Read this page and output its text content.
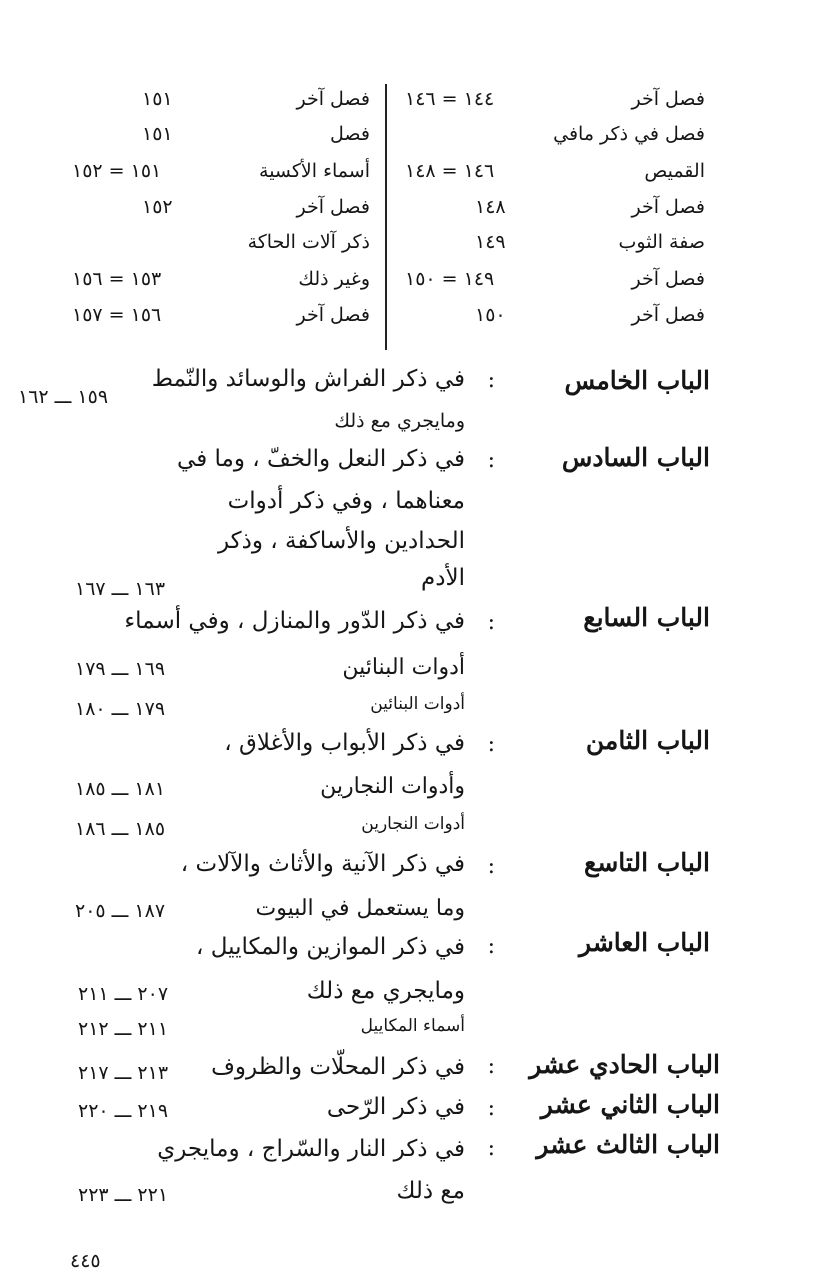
فصل آخر
١٤٤ = ١٤٦
فصل في ذكر مافي
القميص
١٤٦ = ١٤٨
فصل آخر
١٤٨
صفة الثوب
١٤٩
فصل آخر
١٤٩ = ١٥٠
فصل آخر
١٥٠
فصل آخر
١٥١
فصل
١٥١
أسماء الأكسية
١٥١ = ١٥٢
فصل آخر
١٥٢
ذكر آلات الحاكة
وغير ذلك
١٥٣ = ١٥٦
فصل آخر
١٥٦ = ١٥٧
الباب الخامس
:
في ذكر الفراش والوسائد والنّمط
ومايجري مع ذلك
١٥٩ ـــ ١٦٢
الباب السادس
:
في ذكر النعل والخفّ ، وما في
معناهما ، وفي ذكر أدوات
الحدادين والأساكفة ، وذكر
الأدم
١٦٣ ـــ ١٦٧
الباب السابع
:
في ذكر الدّور والمنازل ، وفي أسماء
أدوات البنائين
١٦٩ ـــ ١٧٩
أدوات البنائين
١٧٩ ـــ ١٨٠
الباب الثامن
:
في ذكر الأبواب والأغلاق ،
وأدوات النجارين
١٨١ ـــ ١٨٥
أدوات النجارين
١٨٥ ـــ ١٨٦
الباب التاسع
:
في ذكر الآنية والأثاث والآلات ،
وما يستعمل في البيوت
١٨٧ ـــ ٢٠٥
الباب العاشر
:
في ذكر الموازين والمكاييل ،
ومايجري مع ذلك
٢٠٧ ـــ ٢١١
أسماء المكاييل
٢١١ ـــ ٢١٢
الباب الحادي عشر
:
في ذكر المحلّات والظروف
٢١٣ ـــ ٢١٧
الباب الثاني عشر
:
في ذكر الرّحى
٢١٩ ـــ ٢٢٠
الباب الثالث عشر
:
في ذكر النار والسّراج ، ومايجري
مع ذلك
٢٢١ ـــ ٢٢٣
٤٤٥
